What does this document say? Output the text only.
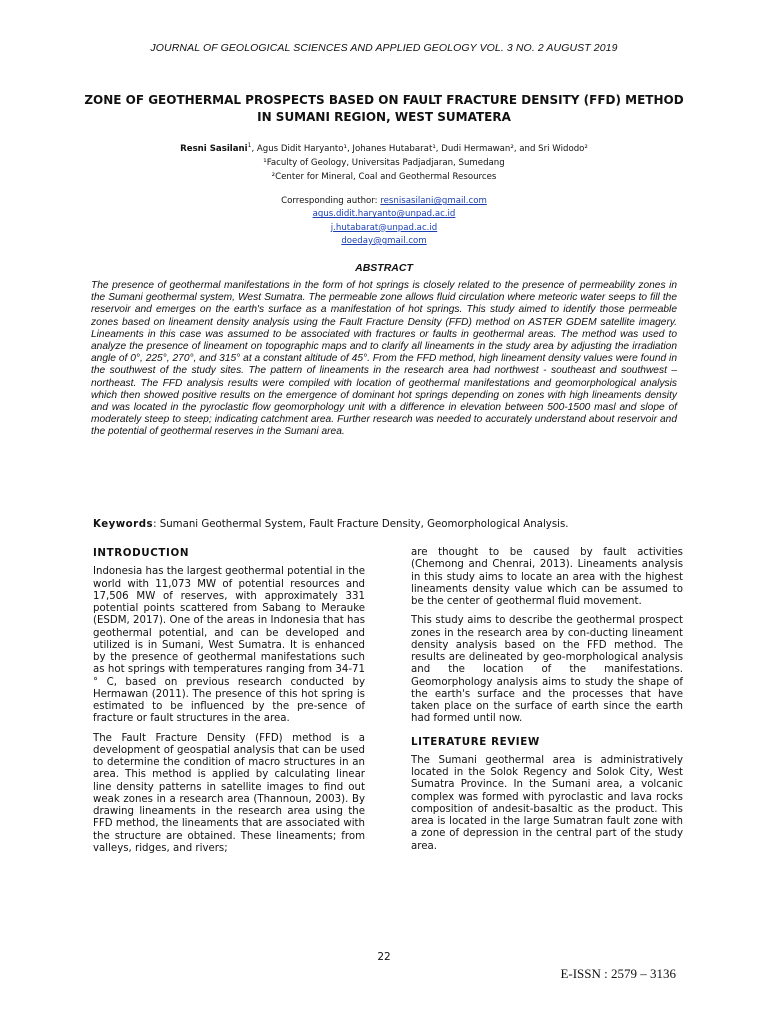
JOURNAL OF GEOLOGICAL SCIENCES AND APPLIED GEOLOGY VOL. 3 NO. 2 AUGUST 2019
ZONE OF GEOTHERMAL PROSPECTS BASED ON FAULT FRACTURE DENSITY (FFD) METHOD
IN SUMANI REGION, WEST SUMATERA
Resni Sasilani$^1$, Agus Didit Haryanto¹, Johanes Hutabarat¹, Dudi Hermawan², and Sri Widodo²
¹Faculty of Geology, Universitas Padjadjaran, Sumedang
²Center for Mineral, Coal and Geothermal Resources
Corresponding author: resnisasilani@gmail.com
agus.didit.haryanto@unpad.ac.id
j.hutabarat@unpad.ac.id
doeday@gmail.com
ABSTRACT

The presence of geothermal manifestations in the form of hot springs is closely related to the presence of permeability zones in the Sumani geothermal system, West Sumatra. The permeable zone allows fluid circulation where meteoric water seeps to fill the reservoir and emerges on the earth's surface as a manifestation of hot springs. This study aimed to identify those permeable zones based on lineament density analysis using the Fault Fracture Density (FFD) method on ASTER GDEM satellite imagery. Lineaments in this case was assumed to be associated with fractures or faults in geothermal areas. The method was used to analyze the presence of lineament on topographic maps and to clarify all lineaments in the study area by adjusting the irradiation angle of 0°, 225°, 270°, and 315° at a constant altitude of 45°. From the FFD method, high lineament density values were found in the southwest of the study sites. The pattern of lineaments in the research area had northwest - southeast and southwest – northeast. The FFD analysis results were compiled with location of geothermal manifestations and geomorphological analysis which then showed positive results on the emergence of dominant hot springs depending on zones with high lineaments density and was located in the pyroclastic flow geomorphology unit with a difference in elevation between 500-1500 masl and slope of moderately steep to steep; indicating catchment area. Further research was needed to accurately understand about reservoir and the potential of geothermal reserves in the Sumani area.

Keywords: Sumani Geothermal System, Fault Fracture Density, Geomorphological Analysis.
INTRODUCTION

Indonesia has the largest geothermal potential in the world with 11,073 MW of potential resources and 17,506 MW of reserves, with approximately 331 potential points scattered from Sabang to Merauke (ESDM, 2017). One of the areas in Indonesia that has geothermal potential, and can be developed and utilized is in Sumani, West Sumatra. It is enhanced by the presence of geothermal manifestations such as hot springs with temperatures ranging from 34-71 ° C, based on previous research conducted by Hermawan (2011). The presence of this hot spring is estimated to be influenced by the pre-sence of fracture or fault structures in the area.

The Fault Fracture Density (FFD) method is a development of geospatial analysis that can be used to determine the condition of macro structures in an area. This method is applied by calculating linear line density patterns in satellite images to find out weak zones in a research area (Thannoun, 2003). By drawing lineaments in the research area using the FFD method, the lineaments that are associated with the structure are obtained. These lineaments; from valleys, ridges, and rivers;

are thought to be caused by fault activities (Chemong and Chenrai, 2013). Lineaments analysis in this study aims to locate an area with the highest lineaments density value which can be assumed to be the center of geothermal fluid movement.

This study aims to describe the geothermal prospect zones in the research area by con-ducting lineament density analysis based on the FFD method. The results are delineated by geo-morphological analysis and the location of the manifestations. Geomorphology analysis aims to study the shape of the earth's surface and the processes that have taken place on the surface of earth since the earth had formed until now.

LITERATURE REVIEW

The Sumani geothermal area is administratively located in the Solok Regency and Solok City, West Sumatra Province. In the Sumani area, a volcanic complex was formed with pyroclastic and lava rocks composition of andesit-basaltic as the product. This area is located in the large Sumatran fault zone with a zone of depression in the central part of the study area.

22
E-ISSN : 2579 – 3136
